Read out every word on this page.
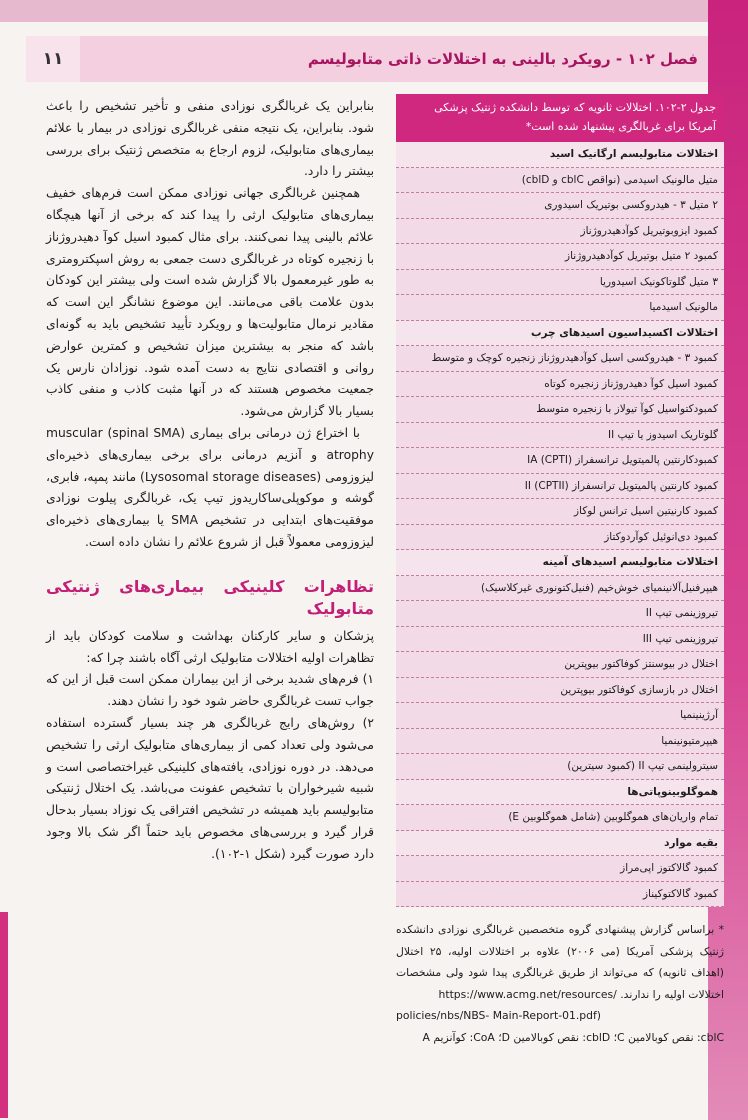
فصل ۱۰۲ - رویکرد بالینی به اختلالات ذاتی متابولیسم
۱۱
جدول ۲-۱۰۲. اختلالات ثانویه که توسط دانشکده ژنتیک پزشکی آمریکا برای غربالگری پیشنهاد شده است*
اختلالات متابولیسم ارگانیک اسید
متیل مالونیک اسیدمی (نواقص cblC و cblD)
۲ متیل ۳ - هیدروکسی بوتیریک اسیدوری
کمبود ایزوبوتیریل کوآدهیدروژناز
کمبود ۲ متیل بوتیریل کوآدهیدروژناز
۳ متیل گلوتاکونیک اسیدوریا
مالونیک اسیدمیا
اختلالات اکسیداسیون اسیدهای چرب
کمبود ۳ - هیدروکسی اسیل کوآدهیدروژناز زنجیره کوچک و متوسط
کمبود اسیل کوآ دهیدروژناز زنجیره کوتاه
کمبودکتواسیل کوآ تیولاز با زنجیره متوسط
گلوتاریک اسیدوز یا تیپ II
کمبودکارنتین پالمیتویل ترانسفراز IA (CPTI)
کمبود کارنتین پالمیتویل ترانسفراز II (CPTII)
کمبود کارنیتین اسیل ترانس لوکاز
کمبود دی‌انوئیل کوآردوکتاز
اختلالات متابولیسم اسیدهای آمینه
هیپرفنیل‌آلانینمیای خوش‌خیم (فنیل‌کتونوری غیرکلاسیک)
تیروزینمی تیپ II
تیروزینمی تیپ III
اختلال در بیوسنتز کوفاکتور بیوپترین
اختلال در بازسازی کوفاکتور بیوپترین
آرژینینمیا
هیپرمتیونینمیا
سیترولینمی تیپ II (کمبود سیترین)
هموگلوبینوپاتی‌ها
تمام واریان‌های هموگلوبین (شامل هموگلوبین E)
بقیه موارد
کمبود گالاکتوز اپی‌مراز
کمبود گالاکتوکیناز

* براساس گزارش پیشنهادی گروه متخصصین غربالگری نوزادی دانشکده ژنتیک پزشکی آمریکا (می ۲۰۰۶) علاوه بر اختلالات اولیه، ۲۵ اختلال (اهداف ثانویه) که می‌تواند از طریق غربالگری پیدا شود ولی مشخصات اختلالات اولیه را ندارند. /https://www.acmg.net/resources

policies/nbs/NBS- Main-Report-01.pdf)

cblC: نقص کوبالامین C؛ cblD: نقص کوبالامین D؛ CoA: کوآنزیم A

بنابراین یک غربالگری نوزادی منفی و تأخیر تشخیص را باعث شود. بنابراین، یک نتیجه منفی غربالگری نوزادی در بیمار با علائم بیماری‌های متابولیک، لزوم ارجاع به متخصص ژنتیک برای بررسی بیشتر را دارد.

همچنین غربالگری جهانی نوزادی ممکن است فرم‌های خفیف بیماری‌های متابولیک ارثی را پیدا کند که برخی از آنها هیچگاه علائم بالینی پیدا نمی‌کنند. برای مثال کمبود اسیل کوآ دهیدروژناز با زنجیره کوتاه در غربالگری دست جمعی به روش اسپکترومتری به طور غیرمعمول بالا گزارش شده است ولی بیشتر این کودکان بدون علامت باقی می‌مانند. این موضوع نشانگر این است که مقادیر نرمال متابولیت‌ها و رویکرد تأیید تشخیص باید به گونه‌ای باشد که منجر به بیشترین میزان تشخیص و کمترین عوارض روانی و اقتصادی نتایج به دست آمده شود. نوزادان نارس یک جمعیت مخصوص هستند که در آنها مثبت کاذب و منفی کاذب بسیار بالا گزارش می‌شود.

با اختراع ژن درمانی برای بیماری (spinal SMA) muscular atrophy و آنزیم درمانی برای برخی بیماری‌های ذخیره‌ای لیزوزومی (Lysosomal storage diseases) مانند پمپه، فابری، گوشه و موکوپلی‌ساکاریدوز تیپ یک، غربالگری پیلوت نوزادی موفقیت‌های ابتدایی در تشخیص SMA یا بیماری‌های ذخیره‌ای لیزوزومی معمولاً قبل از شروع علائم را نشان داده است.

تظاهرات کلینیکی بیماری‌های ژنتیکی متابولیک

پزشکان و سایر کارکنان بهداشت و سلامت کودکان باید از تظاهرات اولیه اختلالات متابولیک ارثی آگاه باشند چرا که:

۱) فرم‌های شدید برخی از این بیماران ممکن است قبل از این که جواب تست غربالگری حاضر شود خود را نشان دهند.

۲) روش‌های رایج غربالگری هر چند بسیار گسترده استفاده می‌شود ولی تعداد کمی از بیماری‌های متابولیک ارثی را تشخیص می‌دهد. در دوره نوزادی، یافته‌های کلینیکی غیراختصاصی است و شبیه شیرخواران با تشخیص عفونت می‌باشد. یک اختلال ژنتیکی متابولیسم باید همیشه در تشخیص افتراقی یک نوزاد بسیار بدحال قرار گیرد و بررسی‌های مخصوص باید حتماً اگر شک بالا وجود دارد صورت گیرد (شکل ۱-۱۰۲).
